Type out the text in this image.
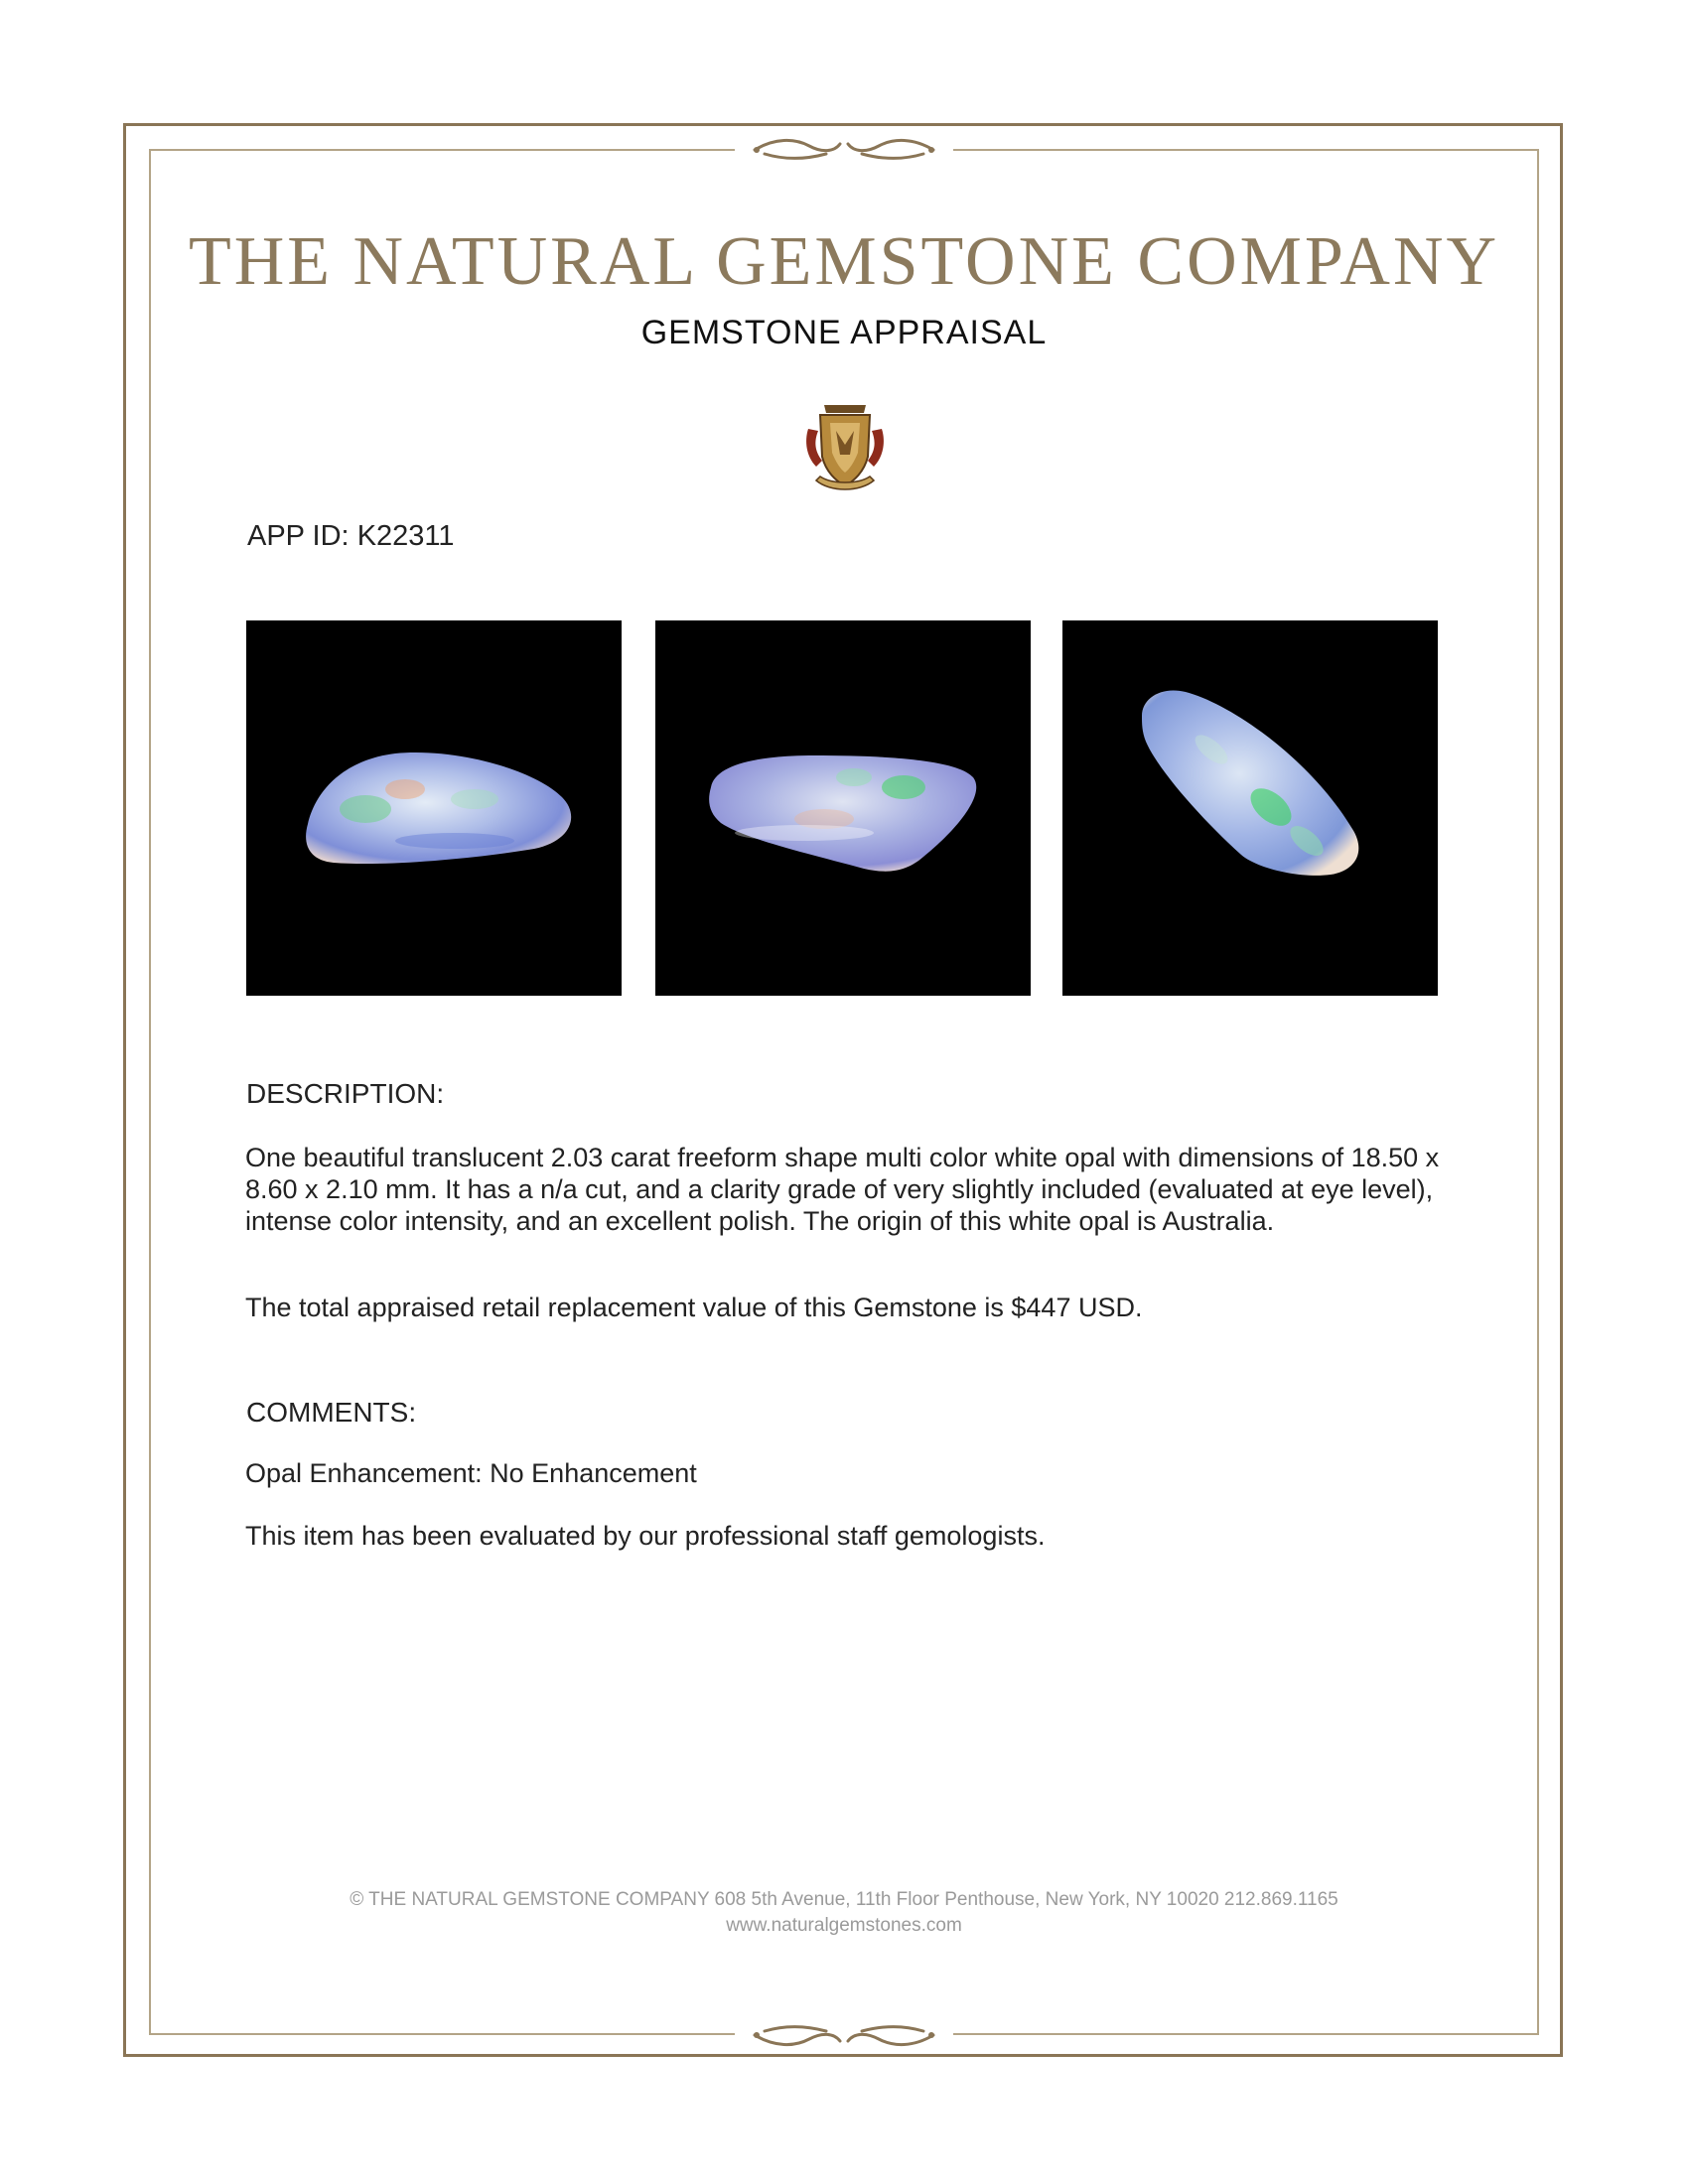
THE NATURAL GEMSTONE COMPANY
GEMSTONE APPRAISAL
APP ID: K22311
DESCRIPTION:
One beautiful translucent 2.03 carat freeform shape multi color white opal with dimensions of 18.50 x 8.60 x 2.10 mm. It has a n/a cut, and a clarity grade of very slightly included (evaluated at eye level), intense color intensity, and an excellent polish. The origin of this white opal is Australia.
The total appraised retail replacement value of this Gemstone is $447 USD.
COMMENTS:
Opal Enhancement: No Enhancement
This item has been evaluated by our professional staff gemologists.
© THE NATURAL GEMSTONE COMPANY 608 5th Avenue, 11th Floor Penthouse, New York, NY 10020 212.869.1165
www.naturalgemstones.com
